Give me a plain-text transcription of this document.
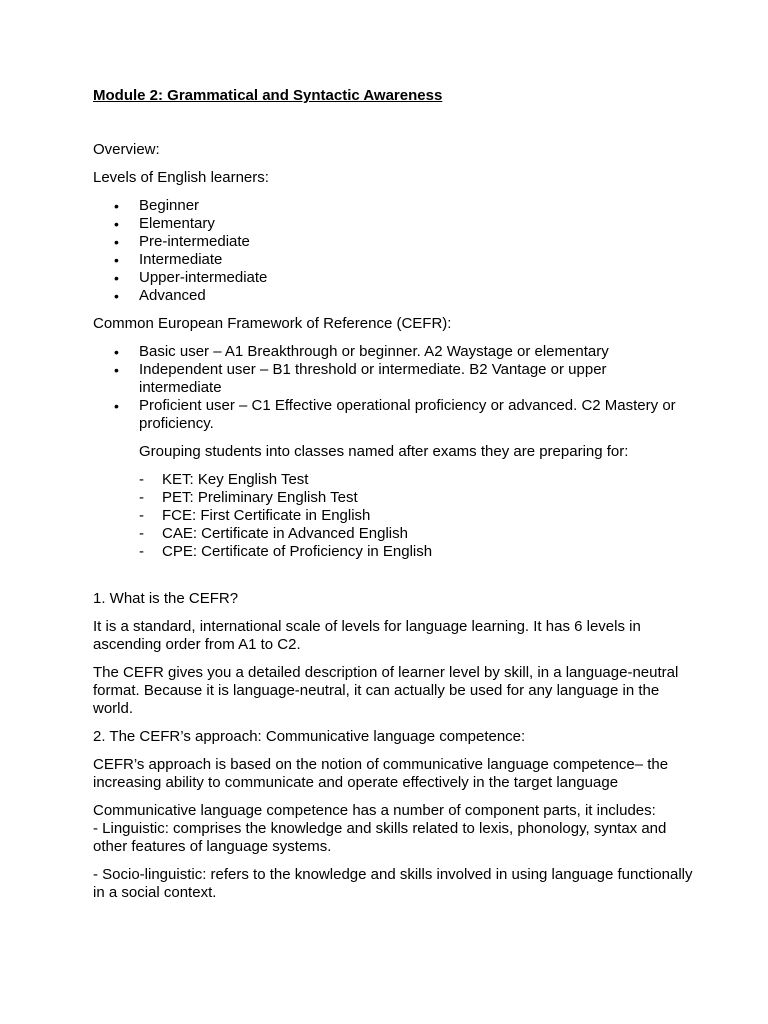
Module 2: Grammatical and Syntactic Awareness

Overview:

Levels of English learners:

• Beginner
• Elementary
• Pre-intermediate
• Intermediate
• Upper-intermediate
• Advanced

Common European Framework of Reference (CEFR):

• Basic user – A1 Breakthrough or beginner. A2 Waystage or elementary
• Independent user – B1 threshold or intermediate. B2 Vantage or upper intermediate
• Proficient user – C1 Effective operational proficiency or advanced. C2 Mastery or proficiency.

Grouping students into classes named after exams they are preparing for:

- KET: Key English Test
- PET: Preliminary English Test
- FCE: First Certificate in English
- CAE: Certificate in Advanced English
- CPE: Certificate of Proficiency in English

1. What is the CEFR?

It is a standard, international scale of levels for language learning. It has 6 levels in ascending order from A1 to C2.

The CEFR gives you a detailed description of learner level by skill, in a language-neutral format. Because it is language-neutral, it can actually be used for any language in the world.

2. The CEFR’s approach: Communicative language competence:

CEFR’s approach is based on the notion of communicative language competence– the increasing ability to communicate and operate effectively in the target language

Communicative language competence has a number of component parts, it includes:

- Linguistic: comprises the knowledge and skills related to lexis, phonology, syntax and other features of language systems.

- Socio-linguistic: refers to the knowledge and skills involved in using language functionally in a social context.
